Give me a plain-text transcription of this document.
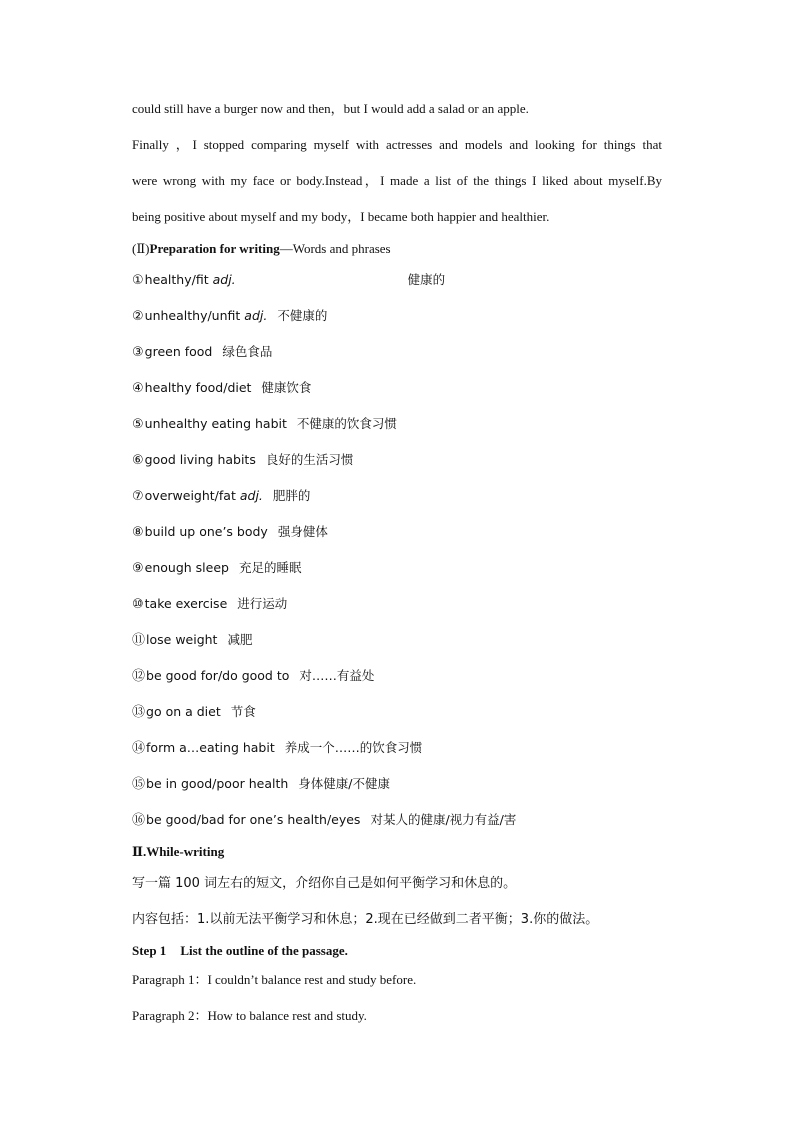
could still have a burger now and then，but I would add a salad or an apple.
Finally ，I stopped comparing myself with actresses and models and looking for things that
were wrong with my face or body.Instead，I made a list of the things I liked about myself.By
being positive about myself and my body，I became both happier and healthier.
(Ⅱ)Preparation for writing—Words and phrases
①healthy/fit adj.	健康的
②unhealthy/unfit adj. 不健康的
③green food 绿色食品
④healthy food/diet 健康饮食
⑤unhealthy eating habit 不健康的饮食习惯
⑥good living habits 良好的生活习惯
⑦overweight/fat adj. 肥胖的
⑧build up one’s body 强身健体
⑨enough sleep 充足的睡眠
⑩take exercise 进行运动
⑪lose weight 减肥
⑫be good for/do good to 对……有益处
⑬go on a diet 节食
⑭form a…eating habit 养成一个……的饮食习惯
⑮be in good/poor health 身体健康/不健康
⑯be good/bad for one’s health/eyes 对某人的健康/视力有益/害
Ⅱ.While-writing
写一篇 100 词左右的短文，介绍你自己是如何平衡学习和休息的。
内容包括：1.以前无法平衡学习和休息；2.现在已经做到二者平衡；3.你的做法。
Step 1 List the outline of the passage.
Paragraph 1：I couldn’t balance rest and study before.
Paragraph 2：How to balance rest and study.
